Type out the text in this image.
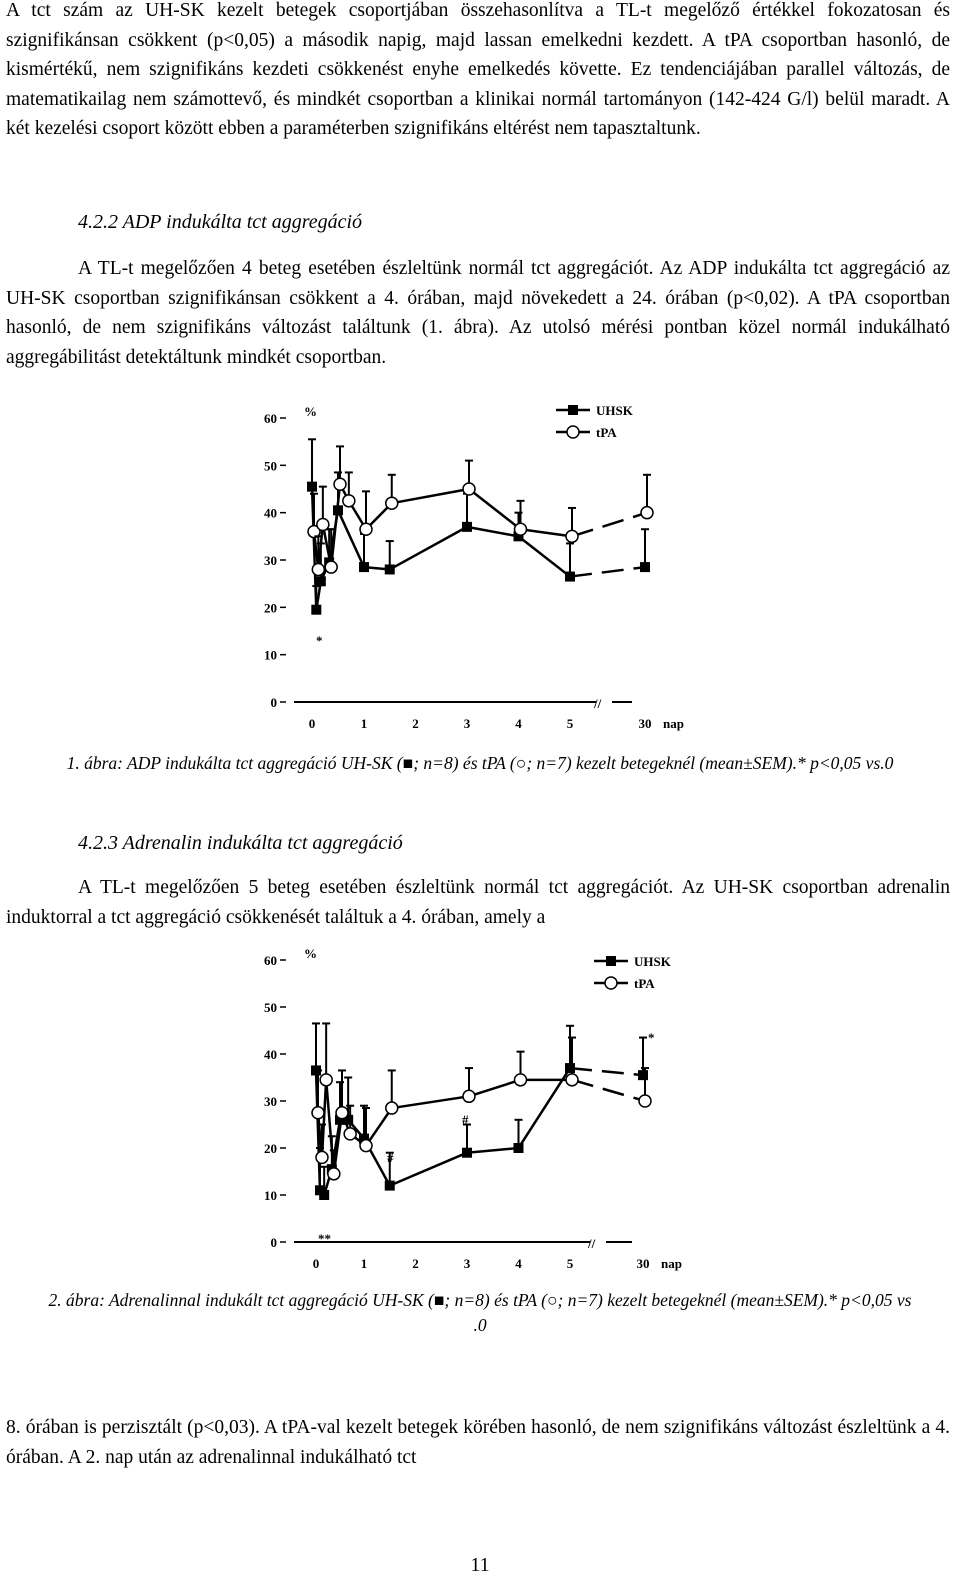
A tct szám az UH-SK kezelt betegek csoportjában összehasonlítva a TL-t megelőző értékkel fokozatosan és szignifikánsan csökkent (p<0,05) a második napig, majd lassan emelkedni kezdett. A tPA csoportban hasonló, de kismértékű, nem szignifikáns kezdeti csökkenést enyhe emelkedés követte. Ez tendenciájában parallel változás, de matematikailag nem számottevő, és mindkét csoportban a klinikai normál tartományon (142-424 G/l) belül maradt. A két kezelési csoport között ebben a paraméterben szignifikáns eltérést nem tapasztaltunk.

4.2.2 ADP indukálta tct aggregáció

A TL-t megelőzően 4 beteg esetében észleltünk normál tct aggregációt. Az ADP indukálta tct aggregáció az UH-SK csoportban szignifikánsan csökkent a 4. órában, majd növekedett a 24. órában (p<0,02). A tPA csoportban hasonló, de nem szignifikáns változást találtunk (1. ábra). Az utolsó mérési pontban közel normál indukálható aggregábilitást detektáltunk mindkét csoportban.

0
10
20
30
40
50
60
//
0	1	2	3	4	5	30 nap
%	UHSK
tPA
*

1. ábra: ADP indukálta tct aggregáció UH-SK (■; n=8) és tPA (○; n=7) kezelt betegeknél (mean±SEM).* p<0,05 vs.0

4.2.3 Adrenalin indukálta tct aggregáció

A TL-t megelőzően 5 beteg esetében észleltünk normál tct aggregációt. Az UH-SK csoportban adrenalin induktorral a tct aggregáció csökkenését találtuk a 4. órában, amely a

0
10
20
30
40
50
60
//
0	1	2	3	4	5	30 nap
%
UHSK
tPA
**
#
#
*

2. ábra: Adrenalinnal indukált tct aggregáció UH-SK (■; n=8) és tPA (○; n=7) kezelt betegeknél (mean±SEM).* p<0,05 vs .0

8. órában is perzisztált (p<0,03). A tPA-val kezelt betegek körében hasonló, de nem szignifikáns változást észleltünk a 4. órában. A 2. nap után az adrenalinnal indukálható tct

11
